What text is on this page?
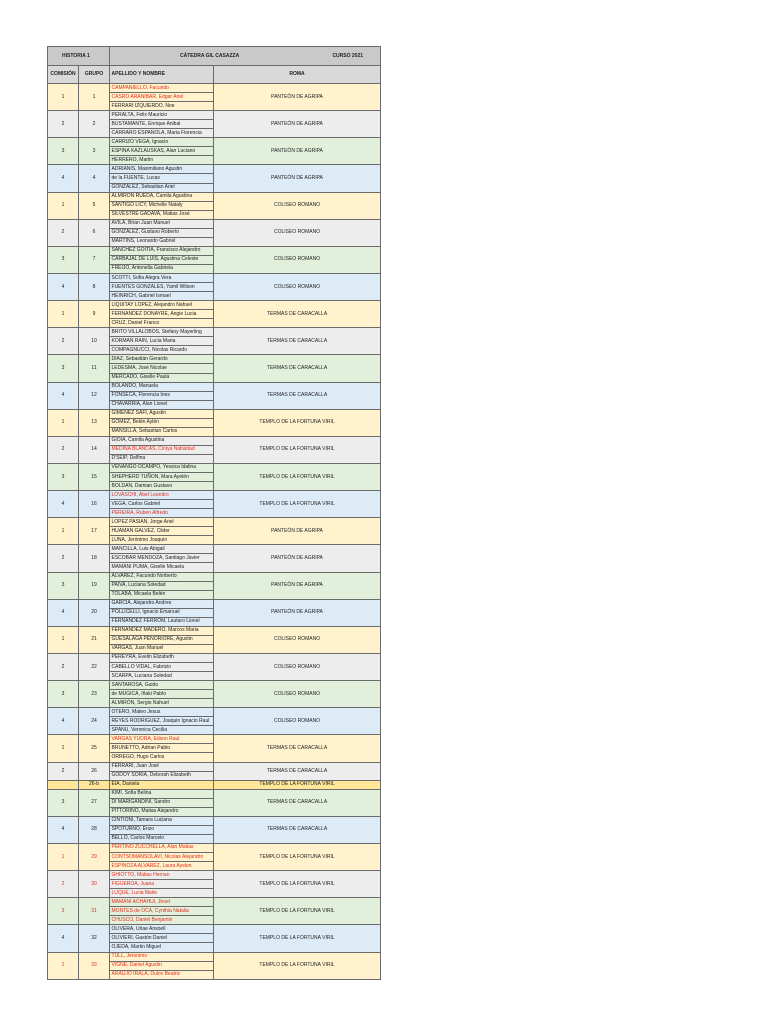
HISTORIA 1		CÁTEDRA GIL CASAZZA CURSO 2021	

COMISIÓN	GRUPO	APELLIDO Y NOMBRE	ROMA
1	1	CAMPANIELLO, Facundo	PANTEÓN DE AGRIPA
		CASRO ARANIBAR, Edgar Ariel	
		FERRARI IZQUIERDO, Noe	
2	2	PERALTA, Felix Mauricio	PANTEÓN DE AGRIPA
		BUSTAMANTE, Enrique Anibal	
		CARRARO ESPANOLA, Maria Florencia	
3	3	CARRIZO VEGA, Ignacio	PANTEÓN DE AGRIPA
		ESPINA KAZLAUSKAS, Alan Luciano	
		HERRERO, Martin	
4	4	ADRIANIS, Maximiliano Agustin	PANTEÓN DE AGRIPA
		de la FUENTE, Lucas	
		GONZALEZ, Sebastian Ariel	
1	5	ALMIRON RUEDA, Camila Agustina	COLISEO ROMANO
		SANTIGO LICY, Michelle Nataly	
		SILVESTRE GADAVA, Matias José	
2	6	AVILA, Brian Juan Manuel	COLISEO ROMANO
		GONZALEZ, Gustavo Roberto	
		MARTINS, Leonardo Gabriel	
3	7	SANCHEZ GOITIA, Francisco Alejandro	COLISEO ROMANO
		CARBAJAL DE LUIS, Agustina Celeste	
		FREIJO, Antonella Gabriela	
4	8	SCOTTI, Sofia Alegra Vera	COLISEO ROMANO
		FUENTES GONZALES, Yamil Wilson	
		HEINRICH, Gabriel Ismael	
1	9	LIQUITAY LOPEZ, Alejandro Nahuel	TERMAS DE CARACALLA
		FERNANDEZ DONAYRE, Angie Lucia	
		CRUZ, Daniel Franco	
2	10	BRITO VILLALOBOS, Stefany Mayerling	TERMAS DE CARACALLA
		KORMAN RAIN, Lucia Maria	
		COMPAGNUCCI, Nicolas Ricardo	
3	11	DIAZ, Sebastián Gerardo	TERMAS DE CARACALLA
		LEDESMA, José Nicolae	
		MERCADO, Giselle Paula	
4	12	BOLANDO, Manuela	TERMAS DE CARACALLA
		FONSECA, Florencia Ines	
		CHAVARRIA, Alan Lionel	
1	13	GIMENEZ SAFI, Agustin	TEMPLO DE LA FORTUNA VIRIL
		GOMEZ, Belén Aylén	
		MANSILLA, Sebastian Carlos	
2	14	GIOIA, Camila Agustina	TEMPLO DE LA FORTUNA VIRIL
		MEDINA BLANCAS, Cintya Natividad	
		D'SEIP, Delfina	
3	15	VENANGO OCAMPO, Yessica Idalina	TEMPLO DE LA FORTUNA VIRIL
		SHEPHERD TUÑON, Mara Ayelén	
		BOLDAN, Damian Gustavo	
4	16	LOVASCHI, Abel Leandro	TEMPLO DE LA FORTUNA VIRIL
		VEGA, Carlos Gabriel	
		PEREIRA, Ruben Alfredo	
1	17	LOPEZ PASIAN, Jorge Ariel	PANTEÓN DE AGRIPA
		HUAMAN GALVEZ, Clider	
		LUNA, Jerónimo Joaquin	
2	18	MANCILLA, Luis Abigail	PANTEÓN DE AGRIPA
		ESCOBAR MENDOZA, Santiago Javier	
		MAMANI PUMA, Giselle Micaela	
3	19	ALVAREZ, Facundo Norberto	PANTEÓN DE AGRIPA
		PAIVA, Luciana Soledad	
		TOLABA, Micaela Belén	
4	20	GARCIA, Alejandro Andres	PANTEÓN DE AGRIPA
		POLLICELLI, Ignacio Emanuel	
		FERNANDEZ FERROM, Lautaro Lionel	
1	21	FERNANDEZ MADERO, Marcos Maria	COLISEO ROMANO
		GUESALAGA PEÑORIORE, Agustin	
		VARGAS, Juan Manuel	
2	22	PEREYRA, Evelin Elizabeth	COLISEO ROMANO
		CABELLO VIDAL, Fabrizio	
		SCARPA, Luciana Soledad	
3	23	SANTAROSA, Guido	COLISEO ROMANO
		de MUGICA, Iñaki Pablo	
		ALMIRÓN, Sergio Nahuel	
4	24	OTERO, Mateo Jesus	COLISEO ROMANO
		REYES RODRIGUEZ, Joaquin Ignacio Raul	
		SPANU, Veronica Cecilia	
1	25	VARGAS YUDRA, Edson Raul	TERMAS DE CARACALLA
		BRUNETTO, Adrian Pablo	
		ORREGO, Hugo Carlos	
2	26	FERRARI, Juan José	TERMAS DE CARACALLA
		GODOY SORIA, Deborah Elizabeth	
	26-b	EIA, Daniela	TEMPLO DE LA FORTUNA VIRIL
3	27	KIMI, Sofia Belina	TERMAS DE CARACALLA
		DI MARIGANDINI, Sandro	
		PITTORINO, Matias Alejandro	
4	28	CINTIONI, Tamara Luciana	TERMAS DE CARACALLA
		SPOTURNO, Enzo	
		BELLO, Carlos Marcelo	
1	29	PERTINO ZUCCHELLA, Alan Matias	TEMPLO DE LA FORTUNA VIRIL
		CONTSOMANSOLAVI, Nicolas Alejandro	
		ESPINOZA ALVAREZ, Laura Ayelen	
2	30	GHIOTTO, Matias Hernan	TEMPLO DE LA FORTUNA VIRIL
		FIGUEROA, Juana	
		LUQUE, Lucia Maite	
3	31	MAMANI ACHAHUI, Jhoel	TEMPLO DE LA FORTUNA VIRIL
		MONTES de OCA, Cynthia Natalia	
		CHUSCO, Daniel Benjamin	
4	32	OLIVERA, Uriae Ansoell	TEMPLO DE LA FORTUNA VIRIL
		OLIVIERI, Gastón Daniel	
		OJEDA, Martin Miguel	
1	33	TULL, Jeronimo	TEMPLO DE LA FORTUNA VIRIL
		VIGNE, Daniel Agustin	
		ARAUJO IRALA, Dulce Beatriz	
